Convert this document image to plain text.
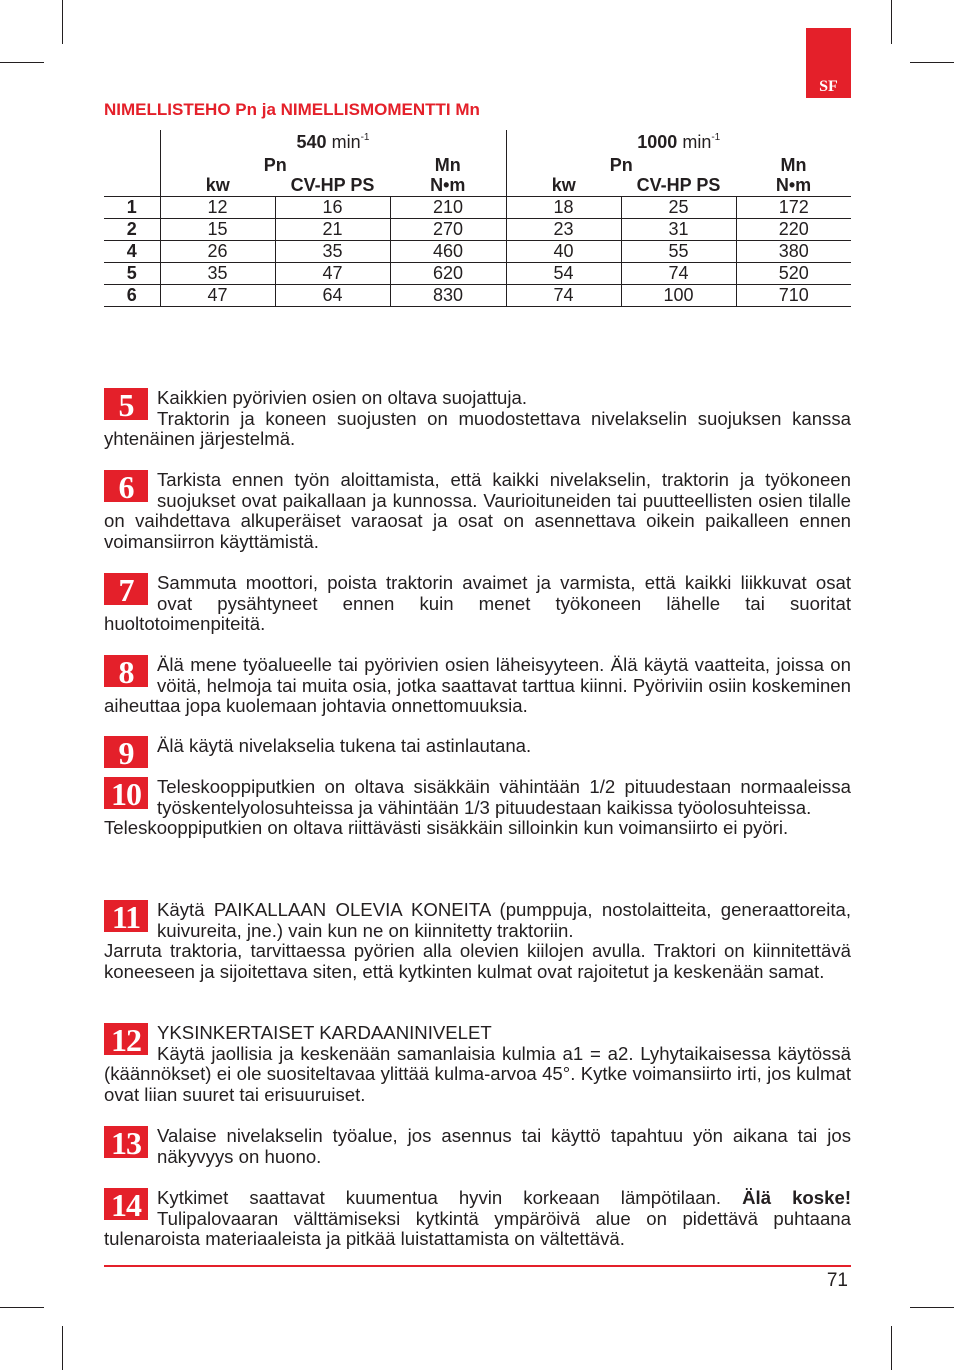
SF
NIMELLISTEHO Pn ja NIMELLISMOMENTTI Mn
	540 $\min^{-1}$			1000 $\min^{-1}$
	Pn		Mn	Pn		Mn
	kw	CV-HP PS	N•m	kw	CV-HP PS	N•m
1	12	16	210	18	25	172
2	15	21	270	23	31	220
4	26	35	460	40	55	380
5	35	47	620	54	74	520
6	47	64	830	74	100	710
5	Kaikkien pyörivien osien on oltava suojattuja.

Traktorin ja koneen suojusten on muodostettava nivelakselin suojuksen kanssa yhtenäinen järjestelmä.

6	Tarkista ennen työn aloittamista, että kaikki nivelakselin, traktorin ja työkoneen suojukset ovat paikallaan ja kunnossa. Vaurioituneiden tai puutteellisten osien tilalle on vaihdettava alkuperäiset varaosat ja osat on asennettava oikein paikalleen ennen voimansiirron käyttämistä.

7	Sammuta moottori, poista traktorin avaimet ja varmista, että kaikki liikkuvat osat ovat pysähtyneet ennen kuin menet työkoneen lähelle tai suoritat huoltotoimenpiteitä.

8	Älä mene työalueelle tai pyörivien osien läheisyyteen. Älä käytä vaatteita, joissa on vöitä, helmoja tai muita osia, jotka saattavat tarttua kiinni. Pyöriviin osiin koskeminen aiheuttaa jopa kuolemaan johtavia onnettomuuksia.

9	Älä käytä nivelakselia tukena tai astinlautana.

10 Teleskooppiputkien on oltava sisäkkäin vähintään 1/2 pituudestaan normaaleissa työskentelyolosuhteissa ja vähintään 1/3 pituudestaan kaikissa työolosuhteissa.

Teleskooppiputkien on oltava riittävästi sisäkkäin silloinkin kun voimansiirto ei pyöri.

11 Käytä PAIKALLAAN OLEVIA KONEITA (pumppuja, nostolaitteita, generaattoreita, kuivureita, jne.) vain kun ne on kiinnitetty traktoriin.

Jarruta traktoria, tarvittaessa pyörien alla olevien kiilojen avulla. Traktori on kiinnitettävä koneeseen ja sijoitettava siten, että kytkinten kulmat ovat rajoitetut ja keskenään samat.

12 YKSINKERTAISET KARDAANINIVELET

Käytä jaollisia ja keskenään samanlaisia kulmia a1 = a2. Lyhytaikaisessa käytössä (käännökset) ei ole suositeltavaa ylittää kulma-arvoa 45°. Kytke voimansiirto irti, jos kulmat ovat liian suuret tai erisuuruiset.

13 Valaise nivelakselin työalue, jos asennus tai käyttö tapahtuu yön aikana tai jos näkyvyys on huono.

14 Kytkimet saattavat kuumentua hyvin korkeaan lämpötilaan. Älä koske!

Tulipalovaaran välttämiseksi kytkintä ympäröivä alue on pidettävä puhtaana tulenaroista materiaaleista ja pitkää luistattamista on vältettävä.

71
